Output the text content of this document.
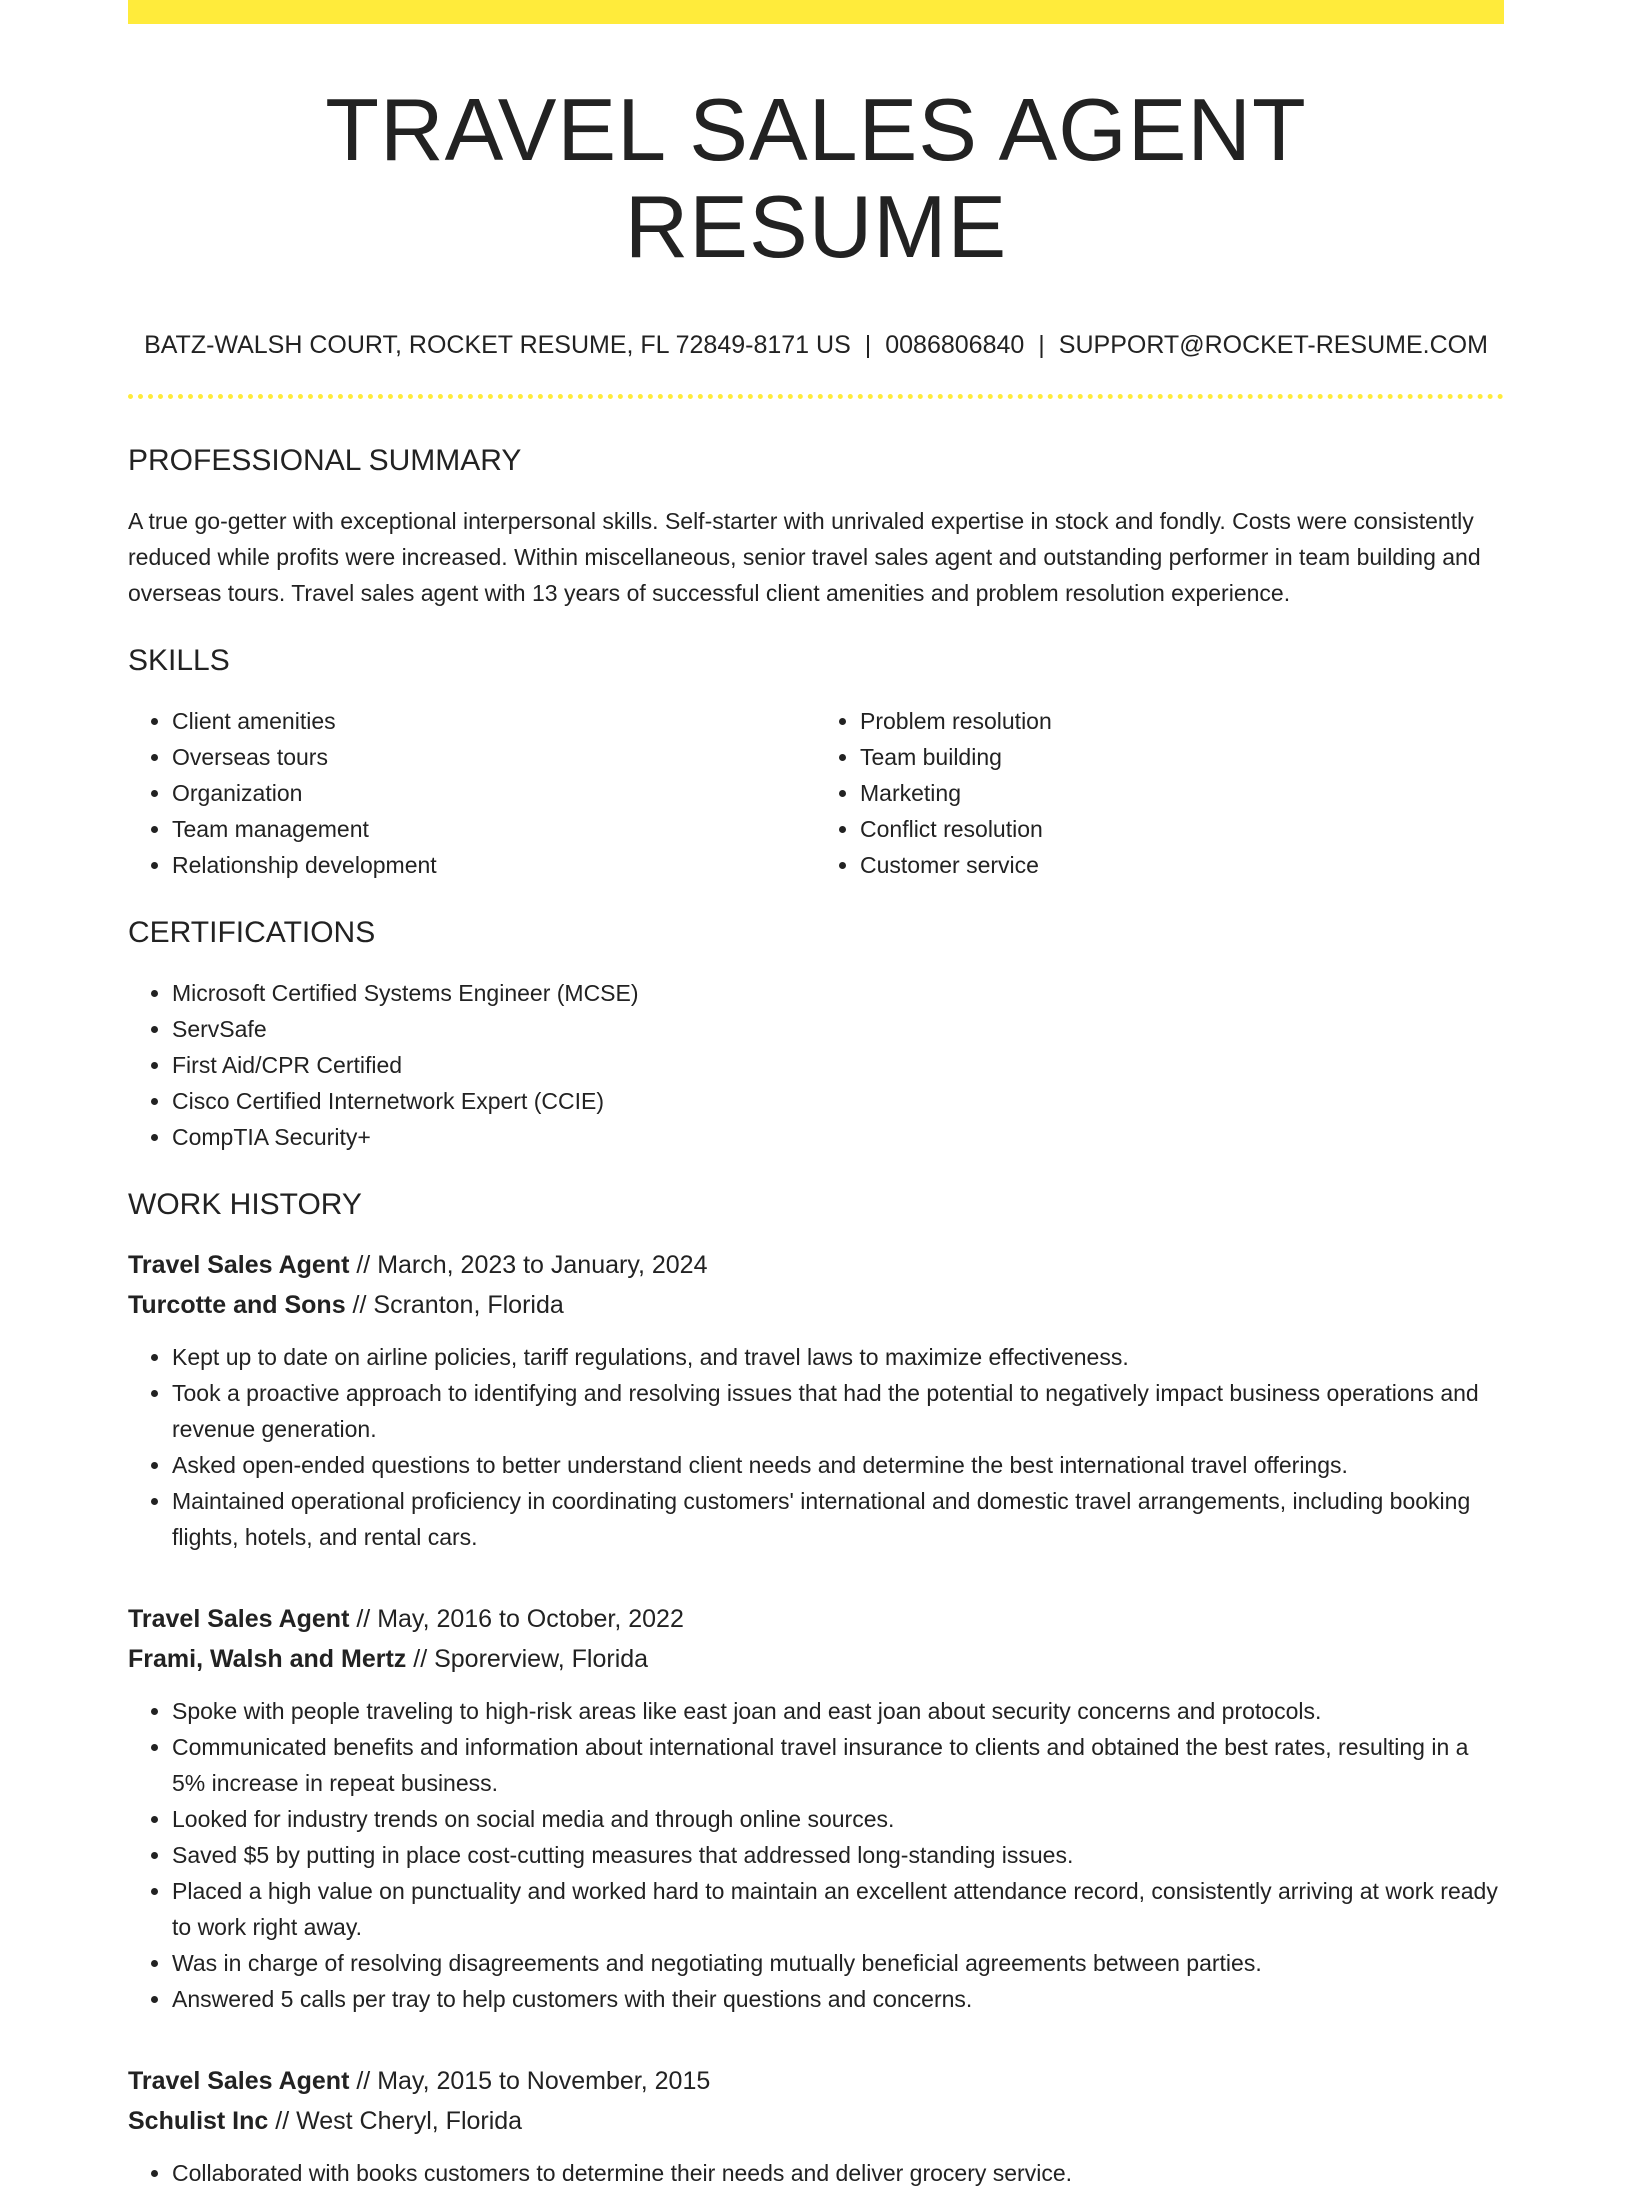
TRAVEL SALES AGENT RESUME
BATZ-WALSH COURT, ROCKET RESUME, FL 72849-8171 US | 0086806840 | SUPPORT@ROCKET-RESUME.COM
PROFESSIONAL SUMMARY

A true go-getter with exceptional interpersonal skills. Self-starter with unrivaled expertise in stock and fondly. Costs were consistently reduced while profits were increased. Within miscellaneous, senior travel sales agent and outstanding performer in team building and overseas tours. Travel sales agent with 13 years of successful client amenities and problem resolution experience.

SKILLS
• Client amenities
• Overseas tours
• Organization
• Team management
• Relationship development
• Problem resolution
• Team building
• Marketing
• Conflict resolution
• Customer service
CERTIFICATIONS
• Microsoft Certified Systems Engineer (MCSE)
• ServSafe
• First Aid/CPR Certified
• Cisco Certified Internetwork Expert (CCIE)
• CompTIA Security+
WORK HISTORY
Travel Sales Agent // March, 2023 to January, 2024
Turcotte and Sons // Scranton, Florida
• Kept up to date on airline policies, tariff regulations, and travel laws to maximize effectiveness.
• Took a proactive approach to identifying and resolving issues that had the potential to negatively impact business operations and revenue generation.
• Asked open-ended questions to better understand client needs and determine the best international travel offerings.
• Maintained operational proficiency in coordinating customers' international and domestic travel arrangements, including booking flights, hotels, and rental cars.
Travel Sales Agent // May, 2016 to October, 2022
Frami, Walsh and Mertz // Sporerview, Florida
• Spoke with people traveling to high-risk areas like east joan and east joan about security concerns and protocols.
• Communicated benefits and information about international travel insurance to clients and obtained the best rates, resulting in a 5% increase in repeat business.
• Looked for industry trends on social media and through online sources.
• Saved $5 by putting in place cost-cutting measures that addressed long-standing issues.
• Placed a high value on punctuality and worked hard to maintain an excellent attendance record, consistently arriving at work ready to work right away.
• Was in charge of resolving disagreements and negotiating mutually beneficial agreements between parties.
• Answered 5 calls per tray to help customers with their questions and concerns.
Travel Sales Agent // May, 2015 to November, 2015
Schulist Inc // West Cheryl, Florida
• Collaborated with books customers to determine their needs and deliver grocery service.
